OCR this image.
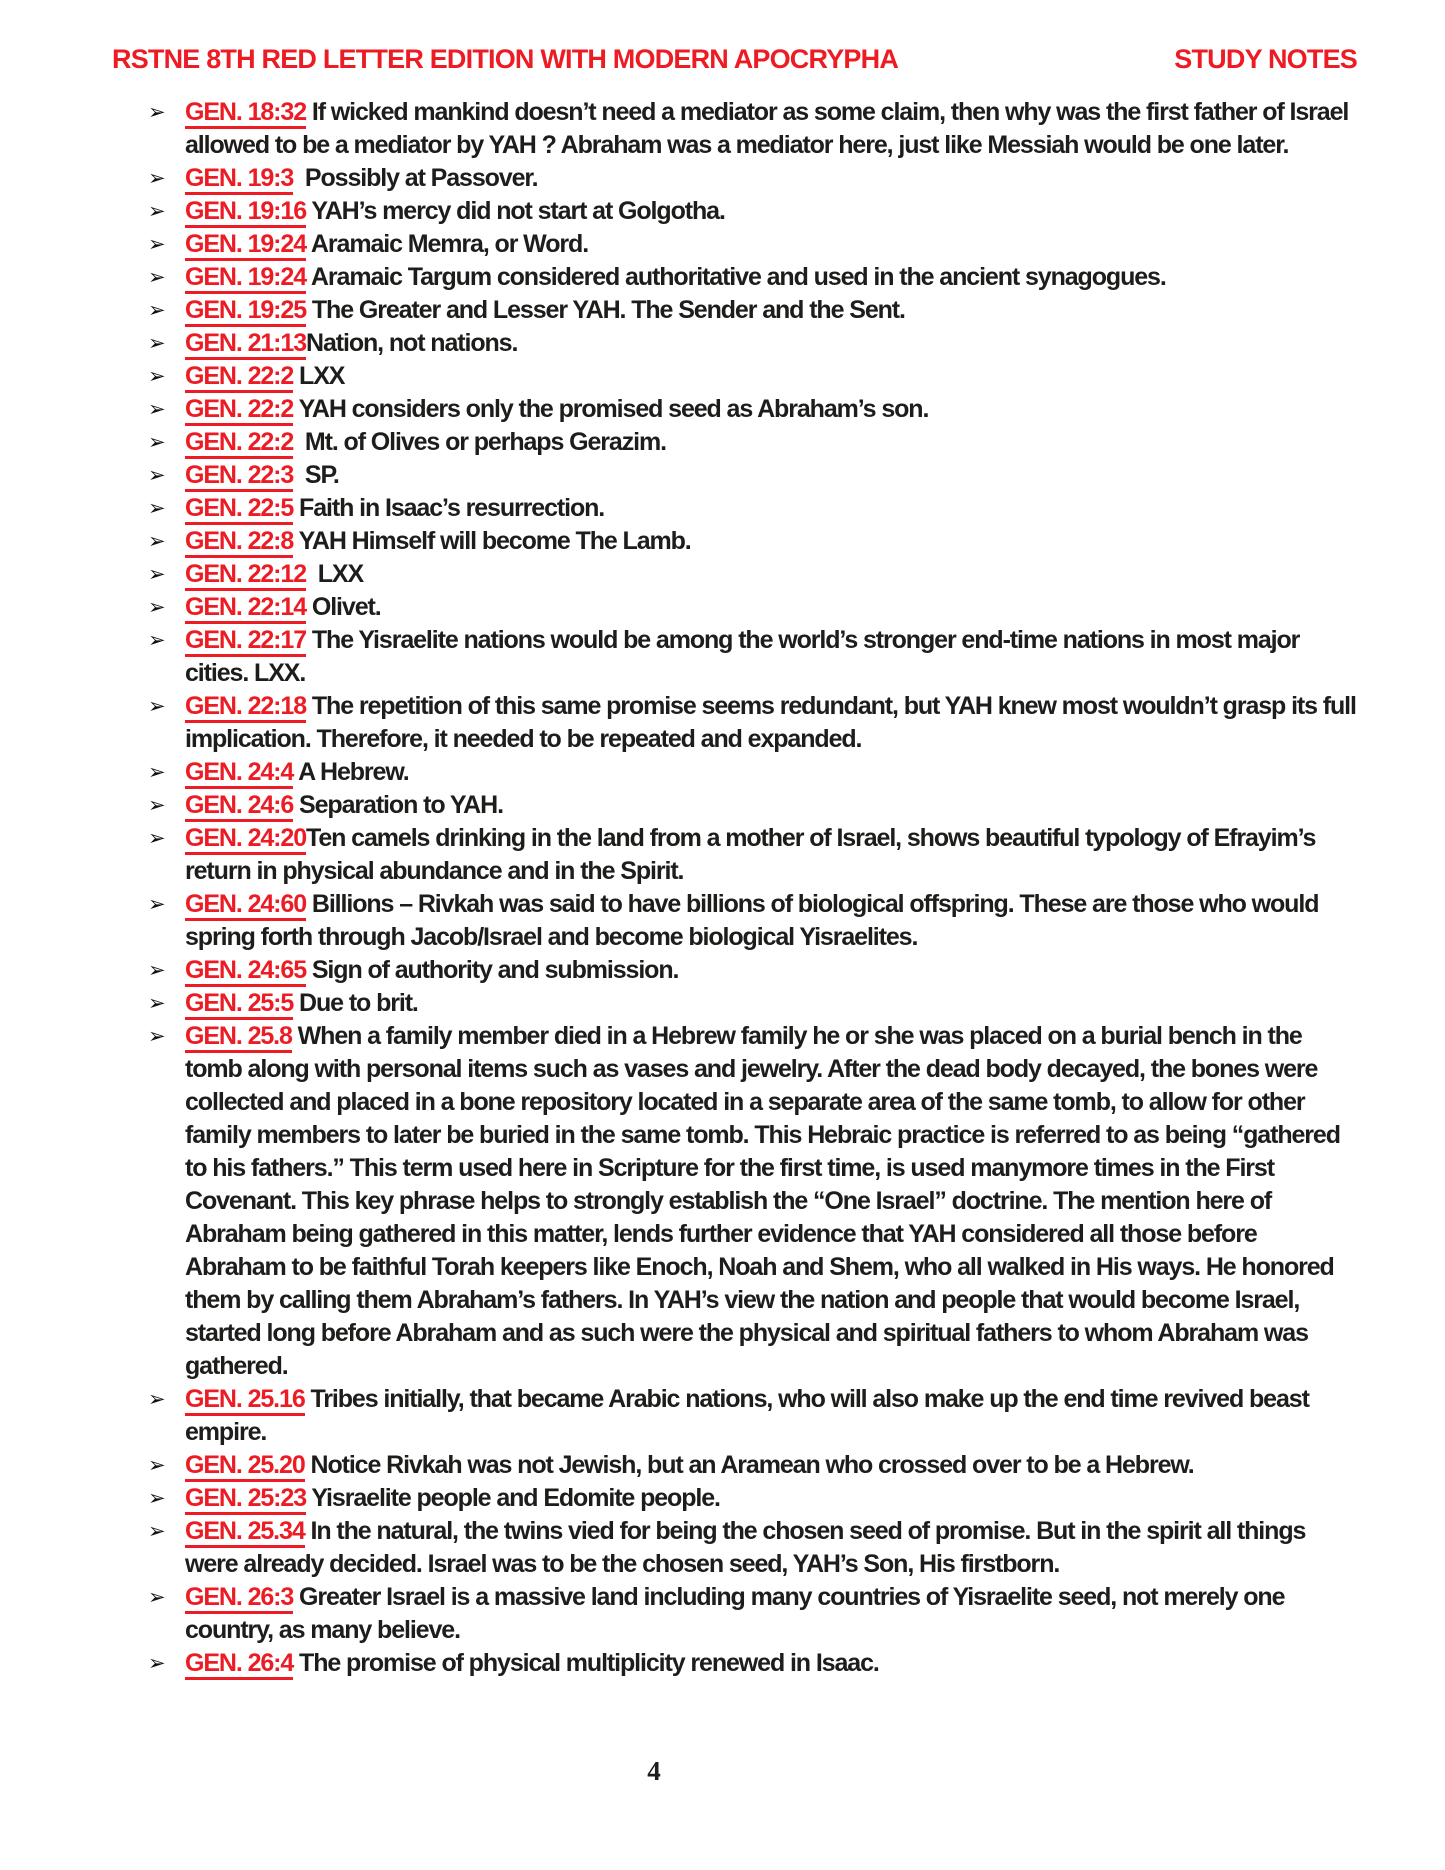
RSTNE 8TH RED LETTER EDITION WITH MODERN APOCRYPHA	STUDY NOTES
➢ GEN. 18:32 If wicked mankind doesn’t need a mediator as some claim, then why was the first father of Israel allowed to be a mediator by YAH ? Abraham was a mediator here, just like Messiah would be one later.

➢ GEN. 19:3  Possibly at Passover.

➢ GEN. 19:16 YAH’s mercy did not start at Golgotha.

➢ GEN. 19:24 Aramaic Memra, or Word.

➢ GEN. 19:24 Aramaic Targum considered authoritative and used in the ancient synagogues.

➢ GEN. 19:25 The Greater and Lesser YAH. The Sender and the Sent.

➢ GEN. 21:13Nation, not nations.

➢ GEN. 22:2 LXX

➢ GEN. 22:2 YAH considers only the promised seed as Abraham’s son.

➢ GEN. 22:2  Mt. of Olives or perhaps Gerazim.

➢ GEN. 22:3  SP.

➢ GEN. 22:5 Faith in Isaac’s resurrection.

➢ GEN. 22:8 YAH Himself will become The Lamb.

➢ GEN. 22:12  LXX

➢ GEN. 22:14 Olivet.

➢ GEN. 22:17 The Yisraelite nations would be among the world’s stronger end-time nations in most major cities. LXX.

➢ GEN. 22:18 The repetition of this same promise seems redundant, but YAH knew most wouldn’t grasp its full implication. Therefore, it needed to be repeated and expanded.

➢ GEN. 24:4 A Hebrew.

➢ GEN. 24:6 Separation to YAH.

➢ GEN. 24:20Ten camels drinking in the land from a mother of Israel, shows beautiful typology of Efrayim’s return in physical abundance and in the Spirit.

➢ GEN. 24:60 Billions – Rivkah was said to have billions of biological offspring. These are those who would spring forth through Jacob/Israel and become biological Yisraelites.

➢ GEN. 24:65 Sign of authority and submission.

➢ GEN. 25:5 Due to brit.

➢ GEN. 25.8 When a family member died in a Hebrew family he or she was placed on a burial bench in the tomb along with personal items such as vases and jewelry. After the dead body decayed, the bones were collected and placed in a bone repository located in a separate area of the same tomb, to allow for other family members to later be buried in the same tomb. This Hebraic practice is referred to as being “gathered to his fathers.” This term used here in Scripture for the first time, is used manymore times in the First Covenant. This key phrase helps to strongly establish the “One Israel” doctrine. The mention here of Abraham being gathered in this matter, lends further evidence that YAH considered all those before Abraham to be faithful Torah keepers like Enoch, Noah and Shem, who all walked in His ways. He honored them by calling them Abraham’s fathers. In YAH’s view the nation and people that would become Israel, started long before Abraham and as such were the physical and spiritual fathers to whom Abraham was gathered.

➢ GEN. 25.16 Tribes initially, that became Arabic nations, who will also make up the end time revived beast empire.

➢ GEN. 25.20 Notice Rivkah was not Jewish, but an Aramean who crossed over to be a Hebrew.

➢ GEN. 25:23 Yisraelite people and Edomite people.

➢ GEN. 25.34 In the natural, the twins vied for being the chosen seed of promise. But in the spirit all things were already decided. Israel was to be the chosen seed, YAH’s Son, His firstborn.

➢ GEN. 26:3 Greater Israel is a massive land including many countries of Yisraelite seed, not merely one country, as many believe.

➢ GEN. 26:4 The promise of physical multiplicity renewed in Isaac.

4
